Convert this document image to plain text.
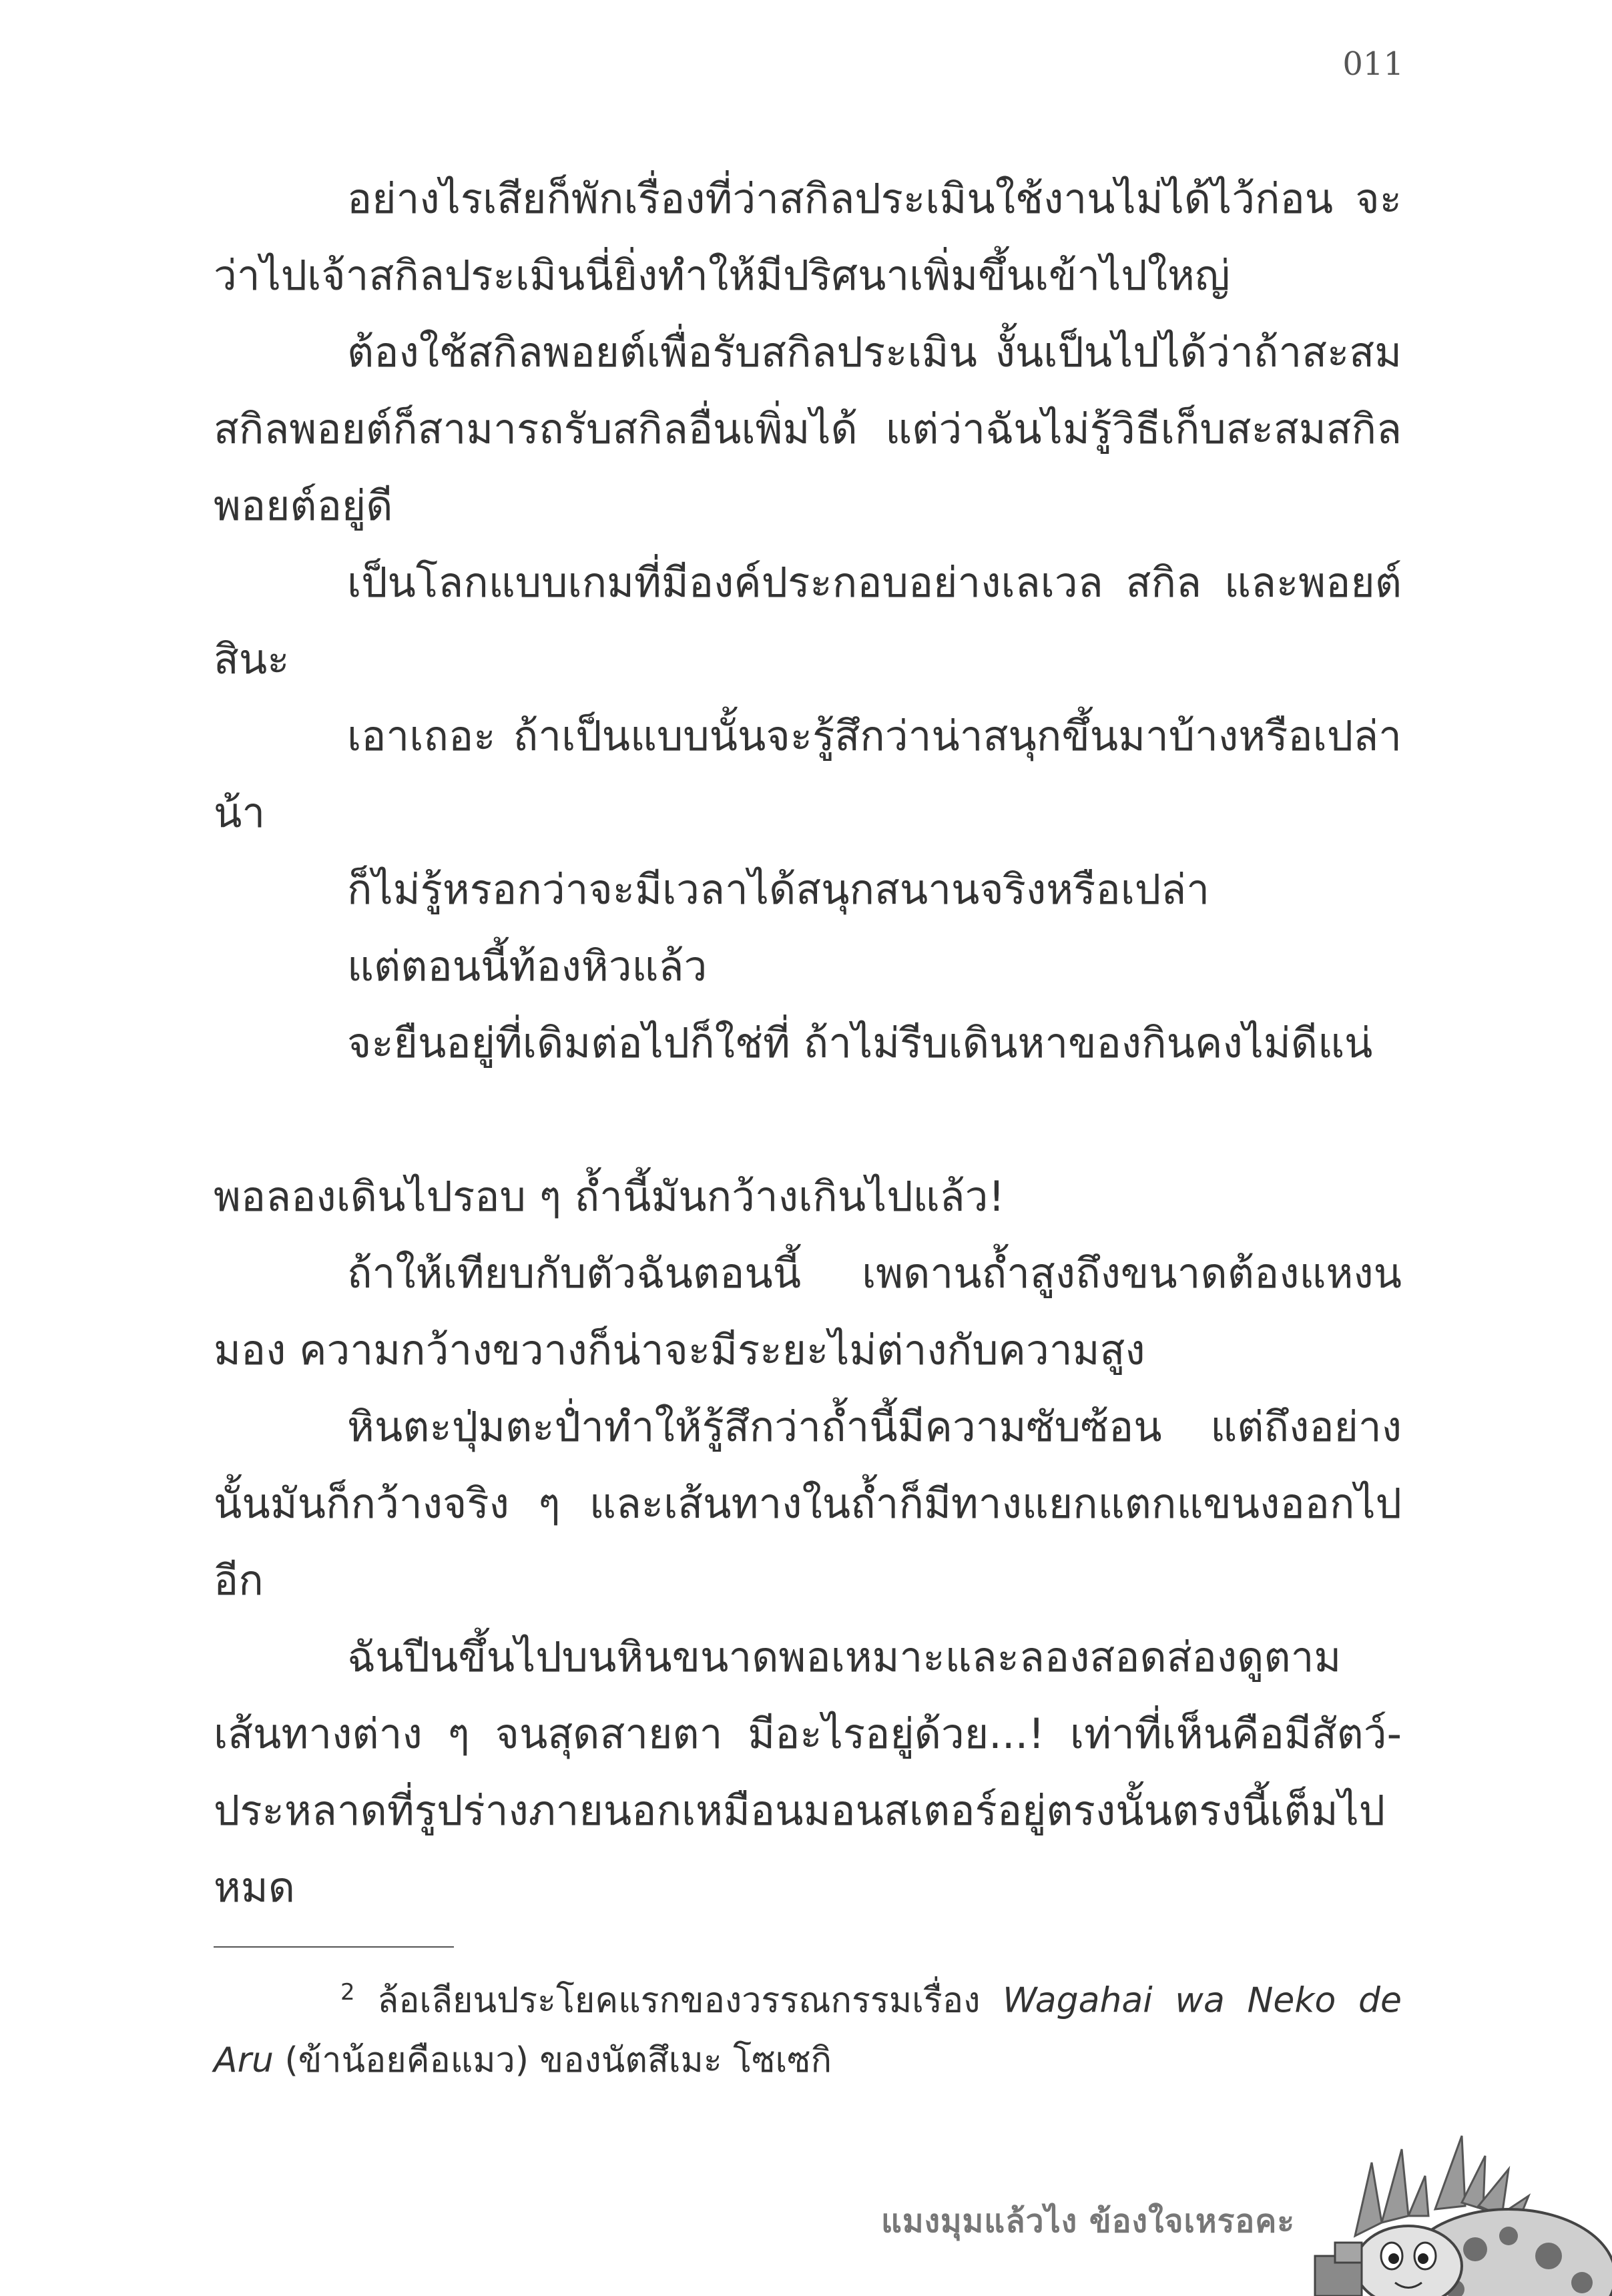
011

อย่างไรเสียก็พักเรื่องที่ว่าสกิลประเมินใช้งานไม่ได้ไว้ก่อน จะว่าไปเจ้าสกิลประเมินนี่ยิ่งทำให้มีปริศนาเพิ่มขึ้นเข้าไปใหญ่

ต้องใช้สกิลพอยต์เพื่อรับสกิลประเมิน งั้นเป็นไปได้ว่าถ้าสะสมสกิลพอยต์ก็สามารถรับสกิลอื่นเพิ่มได้ แต่ว่าฉันไม่รู้วิธีเก็บสะสมสกิลพอยต์อยู่ดี

เป็นโลกแบบเกมที่มีองค์ประกอบอย่างเลเวล สกิล และพอยต์สินะ

เอาเถอะ ถ้าเป็นแบบนั้นจะรู้สึกว่าน่าสนุกขึ้นมาบ้างหรือเปล่าน้า

ก็ไม่รู้หรอกว่าจะมีเวลาได้สนุกสนานจริงหรือเปล่า

แต่ตอนนี้ท้องหิวแล้ว

จะยืนอยู่ที่เดิมต่อไปก็ใช่ที่ ถ้าไม่รีบเดินหาของกินคงไม่ดีแน่

พอลองเดินไปรอบ ๆ ถ้ำนี้มันกว้างเกินไปแล้ว!

ถ้าให้เทียบกับตัวฉันตอนนี้ เพดานถ้ำสูงถึงขนาดต้องแหงนมอง ความกว้างขวางก็น่าจะมีระยะไม่ต่างกับความสูง

หินตะปุ่มตะป่ำทำให้รู้สึกว่าถ้ำนี้มีความซับซ้อน แต่ถึงอย่างนั้นมันก็กว้างจริง ๆ และเส้นทางในถ้ำก็มีทางแยกแตกแขนงออกไปอีก

ฉันปีนขึ้นไปบนหินขนาดพอเหมาะและลองสอดส่องดูตามเส้นทางต่าง ๆ จนสุดสายตา มีอะไรอยู่ด้วย...! เท่าที่เห็นคือมีสัตว์-ประหลาดที่รูปร่างภายนอกเหมือนมอนสเตอร์อยู่ตรงนั้นตรงนี้เต็มไปหมด

$^2$ ล้อเลียนประโยคแรกของวรรณกรรมเรื่อง Wagahai wa Neko de Aru (ข้าน้อยคือแมว) ของนัตสึเมะ โซเซกิ
แมงมุมแล้วไง ข้องใจเหรอคะ
